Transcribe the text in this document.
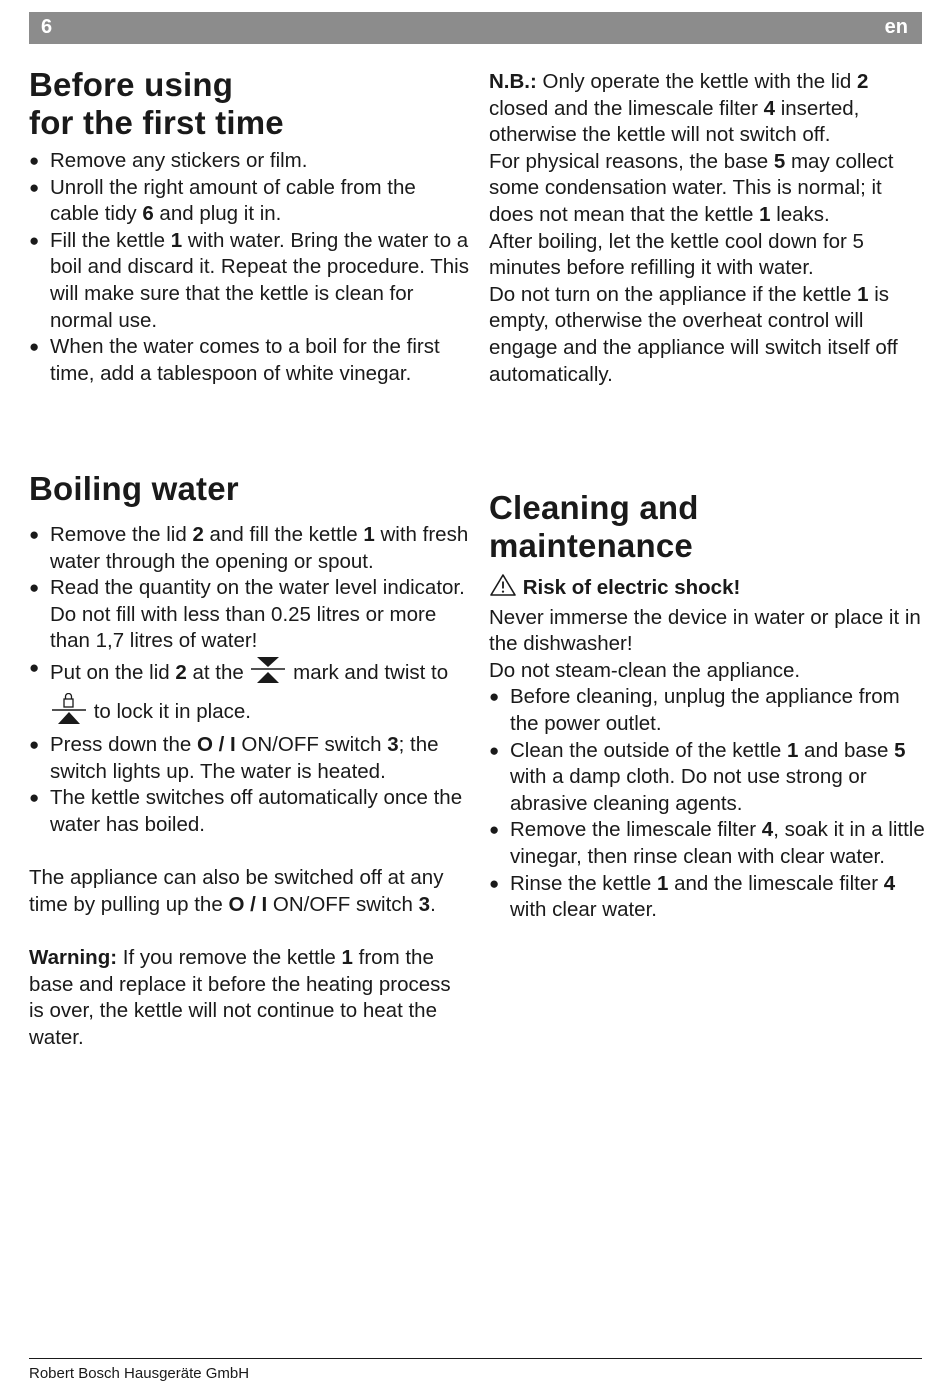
6	en
Before using
for the first time
● Remove any stickers or film.
● Unroll the right amount of cable from the cable tidy 6 and plug it in.
● Fill the kettle 1 with water. Bring the water to a boil and discard it. Repeat the procedure. This will make sure that the kettle is clean for normal use.
● When the water comes to a boil for the first time, add a tablespoon of white vinegar.

N.B.: Only operate the kettle with the lid 2 closed and the limescale filter 4 inserted, otherwise the kettle will not switch off.

For physical reasons, the base 5 may collect some condensation water. This is normal; it does not mean that the kettle 1 leaks.

After boiling, let the kettle cool down for 5 minutes before refilling it with water.

Do not turn on the appliance if the kettle 1 is empty, otherwise the overheat control will engage and the appliance will switch itself off automatically.

Boiling water
● Remove the lid 2 and fill the kettle 1 with fresh water through the opening or spout.
● Read the quantity on the water level indicator. Do not fill with less than 0.25 litres or more than 1,7 litres of water!
● Put on the lid 2 at the  mark and twist to  to lock it in place.
● Press down the O / I ON/OFF switch 3; the switch lights up. The water is heated.
● The kettle switches off automatically once the water has boiled.

The appliance can also be switched off at any time by pulling up the O / I ON/OFF switch 3.

Warning: If you remove the kettle 1 from the base and replace it before the heating process is over, the kettle will not continue to heat the water.

Cleaning and
maintenance

Risk of electric shock!

Never immerse the device in water or place it in the dishwasher!

Do not steam-clean the appliance.

● Before cleaning, unplug the appliance from the power outlet.
● Clean the outside of the kettle 1 and base 5 with a damp cloth. Do not use strong or abrasive cleaning agents.
● Remove the limescale filter 4, soak it in a little vinegar, then rinse clean with clear water.
● Rinse the kettle 1 and the limescale filter 4 with clear water.
Robert Bosch Hausgeräte GmbH
